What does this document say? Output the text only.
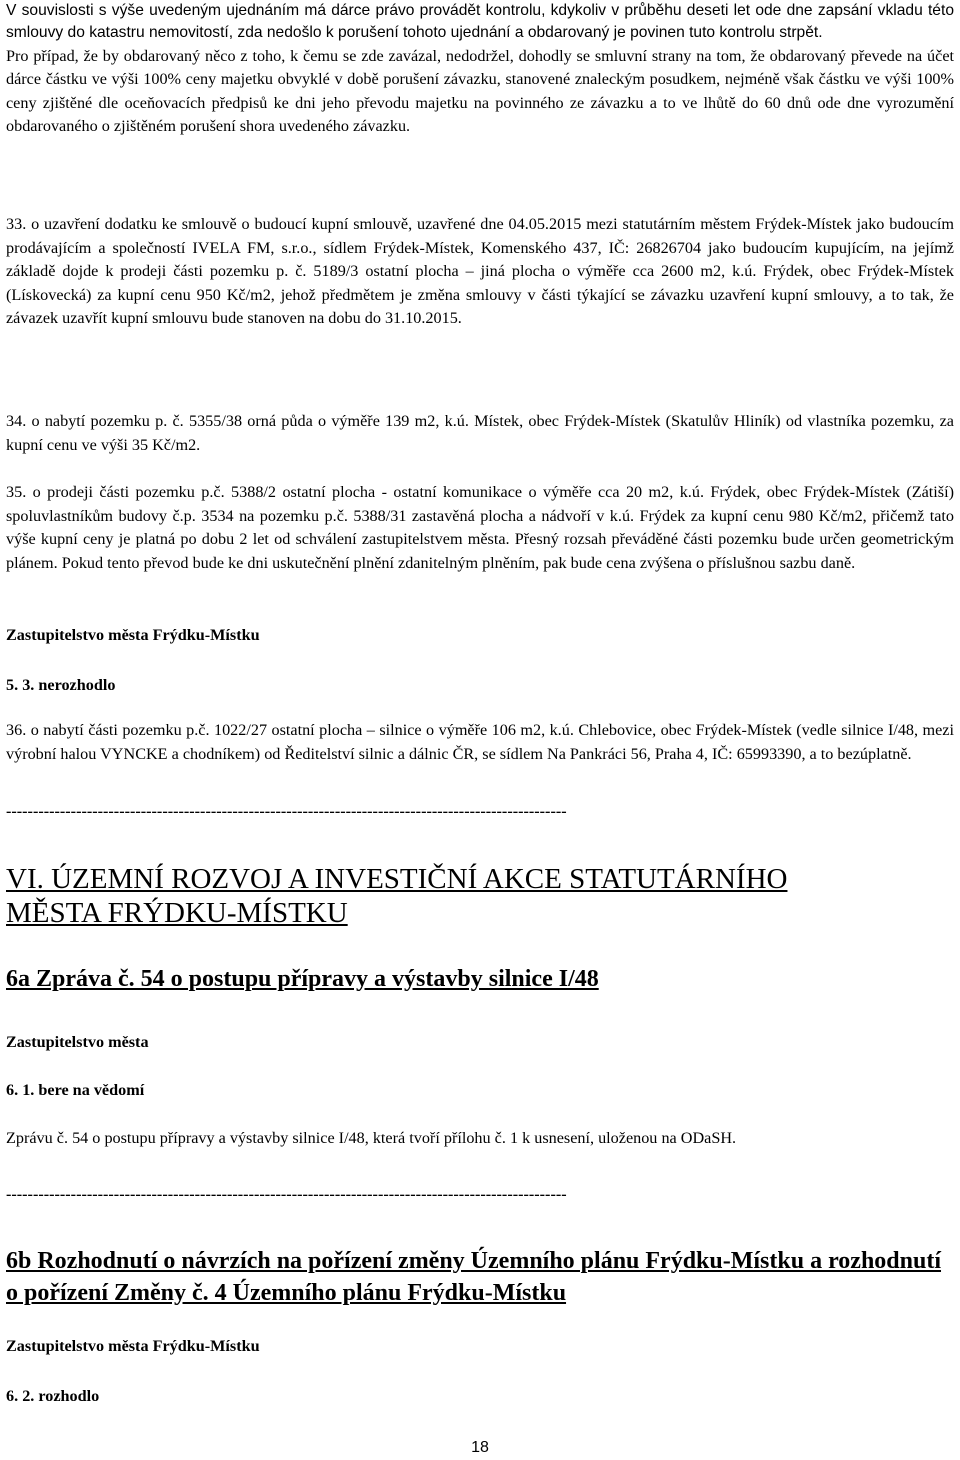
V souvislosti s výše uvedeným ujednáním má dárce právo provádět kontrolu, kdykoliv v průběhu deseti let ode dne zapsání vkladu této smlouvy do katastru nemovitostí, zda nedošlo k porušení tohoto ujednání a obdarovaný je povinen tuto kontrolu strpět.

Pro případ, že by obdarovaný něco z toho, k čemu se zde zavázal, nedodržel, dohodly se smluvní strany na tom, že obdarovaný převede na účet dárce částku ve výši 100% ceny majetku obvyklé v době porušení závazku, stanovené znaleckým posudkem, nejméně však částku ve výši 100% ceny zjištěné dle oceňovacích předpisů ke dni jeho převodu majetku na povinného ze závazku a to ve lhůtě do 60 dnů ode dne vyrozumění obdarovaného o zjištěném porušení shora uvedeného závazku.

33. o uzavření dodatku ke smlouvě o budoucí kupní smlouvě, uzavřené dne 04.05.2015 mezi statutárním městem Frýdek-Místek jako budoucím prodávajícím a společností IVELA FM, s.r.o., sídlem Frýdek-Místek, Komenského 437, IČ: 26826704 jako budoucím kupujícím, na jejímž základě dojde k prodeji části pozemku p. č. 5189/3 ostatní plocha – jiná plocha o výměře cca 2600 m2, k.ú. Frýdek, obec Frýdek-Místek (Lískovecká) za kupní cenu 950 Kč/m2, jehož předmětem je změna smlouvy v části týkající se závazku uzavření kupní smlouvy, a to tak, že závazek uzavřít kupní smlouvu bude stanoven na dobu do 31.10.2015.

34. o nabytí pozemku p. č. 5355/38 orná půda o výměře 139 m2, k.ú. Místek, obec Frýdek-Místek (Skatulův Hliník) od vlastníka pozemku, za kupní cenu ve výši 35 Kč/m2.

35. o prodeji části pozemku p.č. 5388/2 ostatní plocha - ostatní komunikace o výměře cca 20 m2, k.ú. Frýdek, obec Frýdek-Místek (Zátiší) spoluvlastníkům budovy č.p. 3534 na pozemku p.č. 5388/31 zastavěná plocha a nádvoří v k.ú. Frýdek za kupní cenu 980 Kč/m2, přičemž tato výše kupní ceny je platná po dobu 2 let od schválení zastupitelstvem města. Přesný rozsah převáděné části pozemku bude určen geometrickým plánem. Pokud tento převod bude ke dni uskutečnění plnění zdanitelným plněním, pak bude cena zvýšena o příslušnou sazbu daně.

Zastupitelstvo města Frýdku-Místku
5. 3. nerozhodlo

36. o nabytí části pozemku p.č. 1022/27 ostatní plocha – silnice o výměře 106 m2, k.ú. Chlebovice, obec Frýdek-Místek (vedle silnice I/48, mezi výrobní halou VYNCKE a chodníkem) od Ředitelství silnic a dálnic ČR, se sídlem Na Pankráci 56, Praha 4, IČ: 65993390, a to bezúplatně.

--------------------------------------------------------------------------------------------------------

VI. ÚZEMNÍ ROZVOJ A INVESTIČNÍ AKCE STATUTÁRNÍHO MĚSTA FRÝDKU-MÍSTKU

6a Zpráva č. 54 o postupu přípravy a výstavby silnice I/48

Zastupitelstvo města
6. 1. bere na vědomí
Zprávu č. 54 o postupu přípravy a výstavby silnice I/48, která tvoří přílohu č. 1 k usnesení, uloženou na ODaSH.
--------------------------------------------------------------------------------------------------------

6b Rozhodnutí o návrzích na pořízení změny Územního plánu Frýdku-Místku a rozhodnutí o pořízení Změny č. 4 Územního plánu Frýdku-Místku

Zastupitelstvo města Frýdku-Místku
6. 2. rozhodlo
18
